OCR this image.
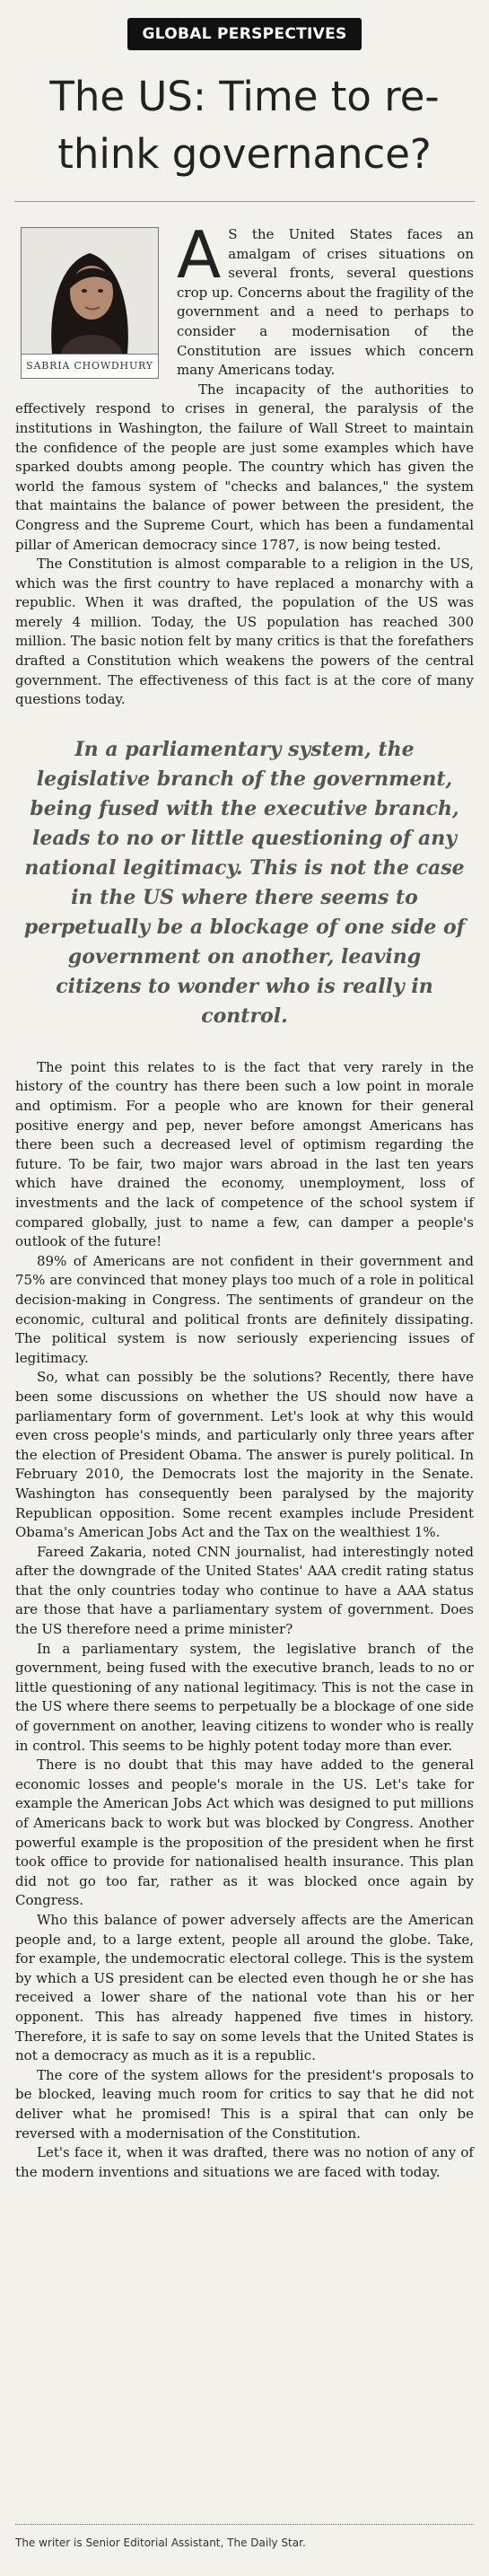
GLOBAL PERSPECTIVES
The US: Time to re-think governance?
SABRIA CHOWDHURY

A S the United States faces an amalgam of crises situations on several fronts, several questions crop up. Concerns about the fragility of the government and a need to perhaps to consider a modernisation of the Constitution are issues which concern many Americans today.

The incapacity of the authorities to effectively respond to crises in general, the paralysis of the institutions in Washington, the failure of Wall Street to maintain the confidence of the people are just some examples which have sparked doubts among people. The country which has given the world the famous system of "checks and balances," the system that maintains the balance of power between the president, the Congress and the Supreme Court, which has been a fundamental pillar of American democracy since 1787, is now being tested.

The Constitution is almost comparable to a religion in the US, which was the first country to have replaced a monarchy with a republic. When it was drafted, the population of the US was merely 4 million. Today, the US population has reached 300 million. The basic notion felt by many critics is that the forefathers drafted a Constitution which weakens the powers of the central government. The effectiveness of this fact is at the core of many questions today.

In a parliamentary system, the legislative branch of the government, being fused with the executive branch, leads to no or little questioning of any national legitimacy. This is not the case in the US where there seems to perpetually be a blockage of one side of government on another, leaving citizens to wonder who is really in control.

The point this relates to is the fact that very rarely in the history of the country has there been such a low point in morale and optimism. For a people who are known for their general positive energy and pep, never before amongst Americans has there been such a decreased level of optimism regarding the future. To be fair, two major wars abroad in the last ten years which have drained the economy, unemployment, loss of investments and the lack of competence of the school system if compared globally, just to name a few, can damper a people's outlook of the future!

89% of Americans are not confident in their government and 75% are convinced that money plays too much of a role in political decision-making in Congress. The sentiments of grandeur on the economic, cultural and political fronts are definitely dissipating. The political system is now seriously experiencing issues of legitimacy.

So, what can possibly be the solutions? Recently, there have been some discussions on whether the US should now have a parliamentary form of government. Let's look at why this would even cross people's minds, and particularly only three years after the election of President Obama. The answer is purely political. In February 2010, the Democrats lost the majority in the Senate. Washington has consequently been paralysed by the majority Republican opposition. Some recent examples include President Obama's American Jobs Act and the Tax on the wealthiest 1%.

Fareed Zakaria, noted CNN journalist, had interestingly noted after the downgrade of the United States' AAA credit rating status that the only countries today who continue to have a AAA status are those that have a parliamentary system of government. Does the US therefore need a prime minister?

In a parliamentary system, the legislative branch of the government, being fused with the executive branch, leads to no or little questioning of any national legitimacy. This is not the case in the US where there seems to perpetually be a blockage of one side of government on another, leaving citizens to wonder who is really in control. This seems to be highly potent today more than ever.

There is no doubt that this may have added to the general economic losses and people's morale in the US. Let's take for example the American Jobs Act which was designed to put millions of Americans back to work but was blocked by Congress. Another powerful example is the proposition of the president when he first took office to provide for nationalised health insurance. This plan did not go too far, rather as it was blocked once again by Congress.

Who this balance of power adversely affects are the American people and, to a large extent, people all around the globe. Take, for example, the undemocratic electoral college. This is the system by which a US president can be elected even though he or she has received a lower share of the national vote than his or her opponent. This has already happened five times in history. Therefore, it is safe to say on some levels that the United States is not a democracy as much as it is a republic.

The core of the system allows for the president's proposals to be blocked, leaving much room for critics to say that he did not deliver what he promised! This is a spiral that can only be reversed with a modernisation of the Constitution.

Let's face it, when it was drafted, there was no notion of any of the modern inventions and situations we are faced with today.

The writer is Senior Editorial Assistant, The Daily Star.
